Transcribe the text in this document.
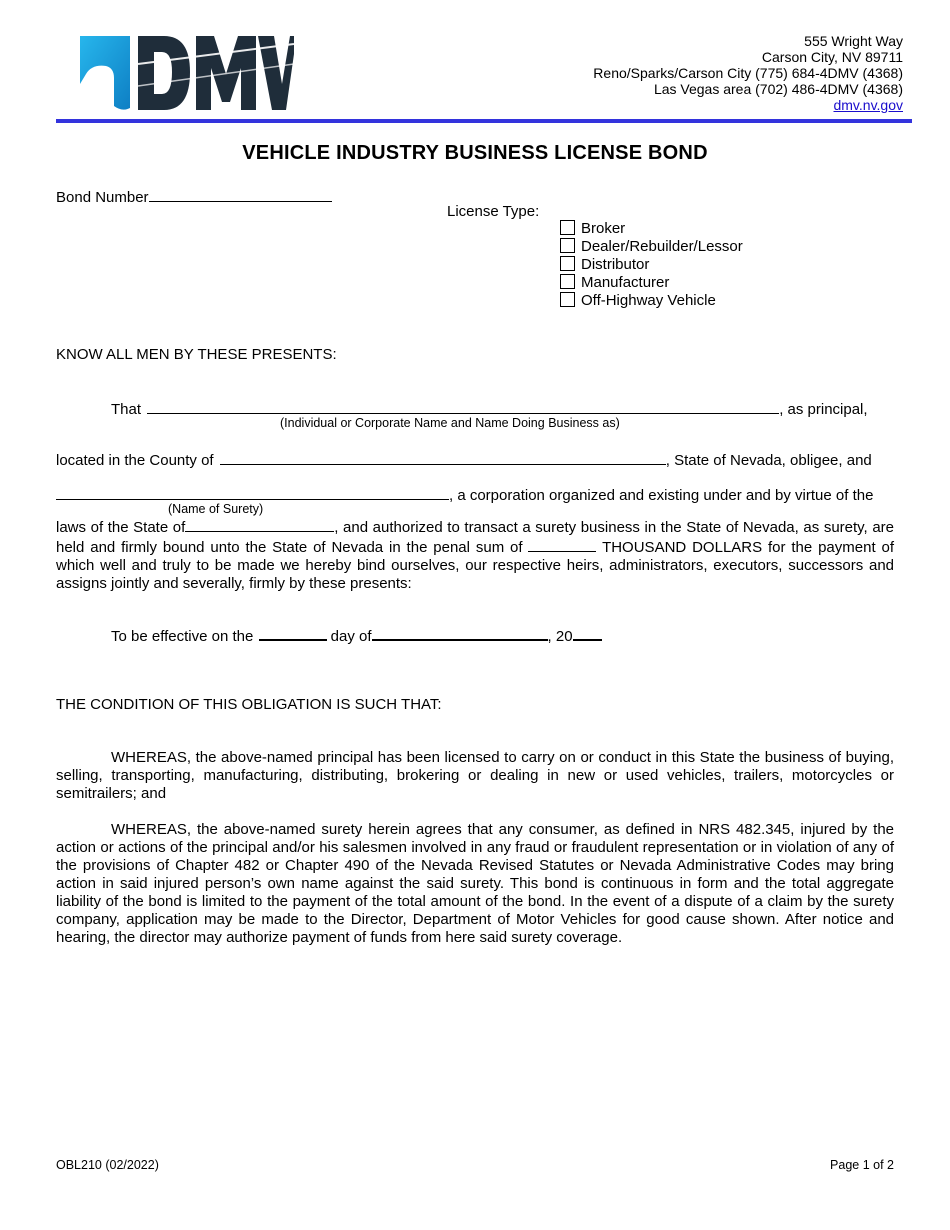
555 Wright Way
Carson City, NV 89711
Reno/Sparks/Carson City (775) 684-4DMV (4368)
Las Vegas area (702) 486-4DMV (4368)
dmv.nv.gov
VEHICLE INDUSTRY BUSINESS LICENSE BOND
Bond Number
License Type:
Broker
Dealer/Rebuilder/Lessor
Distributor
Manufacturer
Off-Highway Vehicle
KNOW ALL MEN BY THESE PRESENTS:
That	, as principal,
(Individual or Corporate Name and Name Doing Business as)
located in the County of	, State of Nevada, obligee, and
, a corporation organized and existing under and by virtue of the
(Name of Surety)
laws of the State of	, and authorized to transact a surety business in the State of Nevada, as surety, are held and firmly bound unto the State of Nevada in the penal sum of	THOUSAND DOLLARS for the payment of which well and truly to be made we hereby bind ourselves, our respective heirs, administrators, executors, successors and assigns jointly and severally, firmly by these presents:
To be effective on the	day of	, 20
THE CONDITION OF THIS OBLIGATION IS SUCH THAT:
WHEREAS, the above-named principal has been licensed to carry on or conduct in this State the business of buying, selling, transporting, manufacturing, distributing, brokering or dealing in new or used vehicles, trailers, motorcycles or semitrailers; and
WHEREAS, the above-named surety herein agrees that any consumer, as defined in NRS 482.345, injured by the action or actions of the principal and/or his salesmen involved in any fraud or fraudulent representation or in violation of any of the provisions of Chapter 482 or Chapter 490 of the Nevada Revised Statutes or Nevada Administrative Codes may bring action in said injured person’s own name against the said surety. This bond is continuous in form and the total aggregate liability of the bond is limited to the payment of the total amount of the bond. In the event of a dispute of a claim by the surety company, application may be made to the Director, Department of Motor Vehicles for good cause shown. After notice and hearing, the director may authorize payment of funds from here said surety coverage.
OBL210 (02/2022)	Page 1 of 2
